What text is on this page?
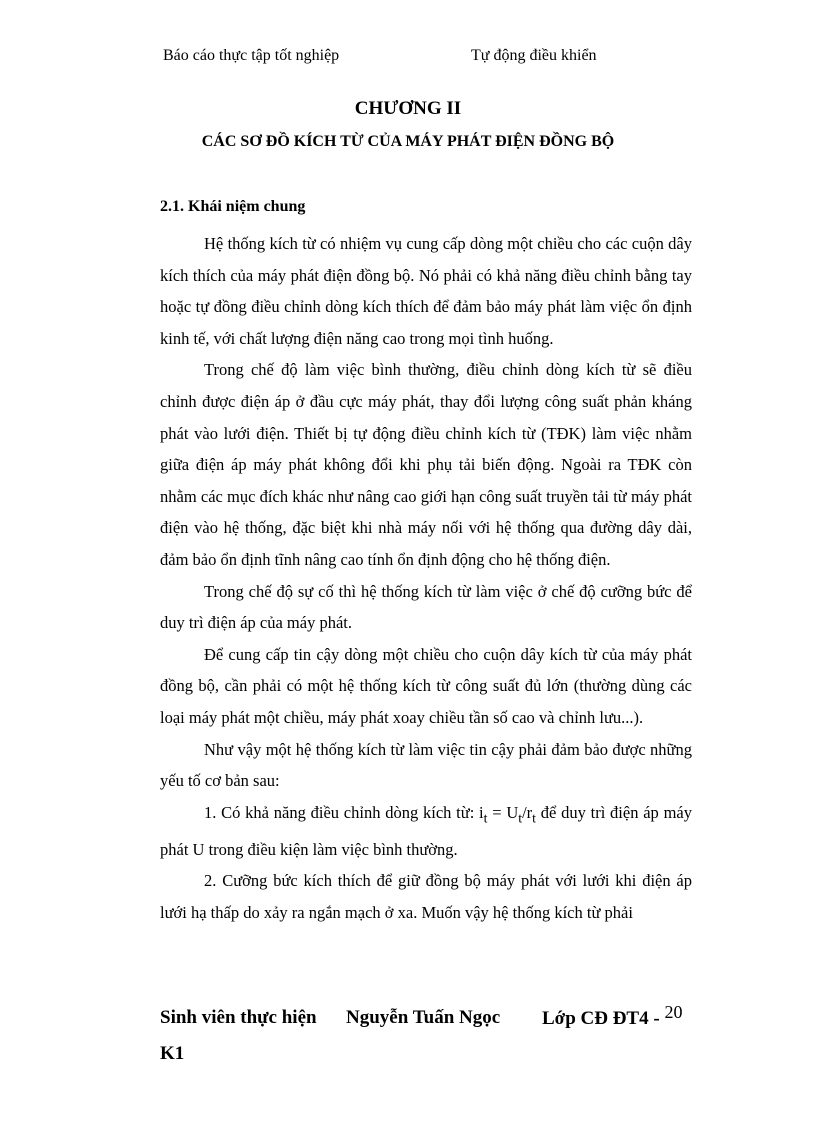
Báo cáo thực tập tốt nghiệp	Tự động điều khiển
CHƯƠNG II
CÁC SƠ ĐỒ KÍCH TỪ CỦA MÁY PHÁT ĐIỆN ĐỒNG BỘ
2.1. Khái niệm chung

Hệ thống kích từ có nhiệm vụ cung cấp dòng một chiều cho các cuộn dây kích thích của máy phát điện đồng bộ. Nó phải có khả năng điều chỉnh bằng tay hoặc tự đồng điều chỉnh dòng kích thích để đảm bảo máy phát làm việc ổn định kinh tế, với chất lượng điện năng cao trong mọi tình huống.

Trong chế độ làm việc bình thường, điều chỉnh dòng kích từ sẽ điều chỉnh được điện áp ở đầu cực máy phát, thay đổi lượng công suất phản kháng phát vào lưới điện. Thiết bị tự động điều chỉnh kích từ (TĐK) làm việc nhằm giữa điện áp máy phát không đổi khi phụ tải biến động. Ngoài ra TĐK còn nhằm các mục đích khác như nâng cao giới hạn công suất truyền tải từ máy phát điện vào hệ thống, đặc biệt khi nhà máy nối với hệ thống qua đường dây dài, đảm bảo ổn định tĩnh nâng cao tính ổn định động cho hệ thống điện.

Trong chế độ sự cố thì hệ thống kích từ làm việc ở chế độ cưỡng bức để duy trì điện áp của máy phát.

Để cung cấp tin cậy dòng một chiều cho cuộn dây kích từ của máy phát đồng bộ, cần phải có một hệ thống kích từ công suất đủ lớn (thường dùng các loại máy phát một chiều, máy phát xoay chiều tần số cao và chỉnh lưu...).

Như vậy một hệ thống kích từ làm việc tin cậy phải đảm bảo được những yếu tố cơ bản sau:

1. Có khả năng điều chỉnh dòng kích từ: $i_t = U_t/r_t$ để duy trì điện áp máy phát U trong điều kiện làm việc bình thường.

2. Cưỡng bức kích thích để giữ đồng bộ máy phát với lưới khi điện áp lưới hạ thấp do xảy ra ngắn mạch ở xa. Muốn vậy hệ thống kích từ phải

Sinh viên thực hiện Nguyễn Tuấn Ngọc Lớp CĐ ĐT4 - 20
K1
